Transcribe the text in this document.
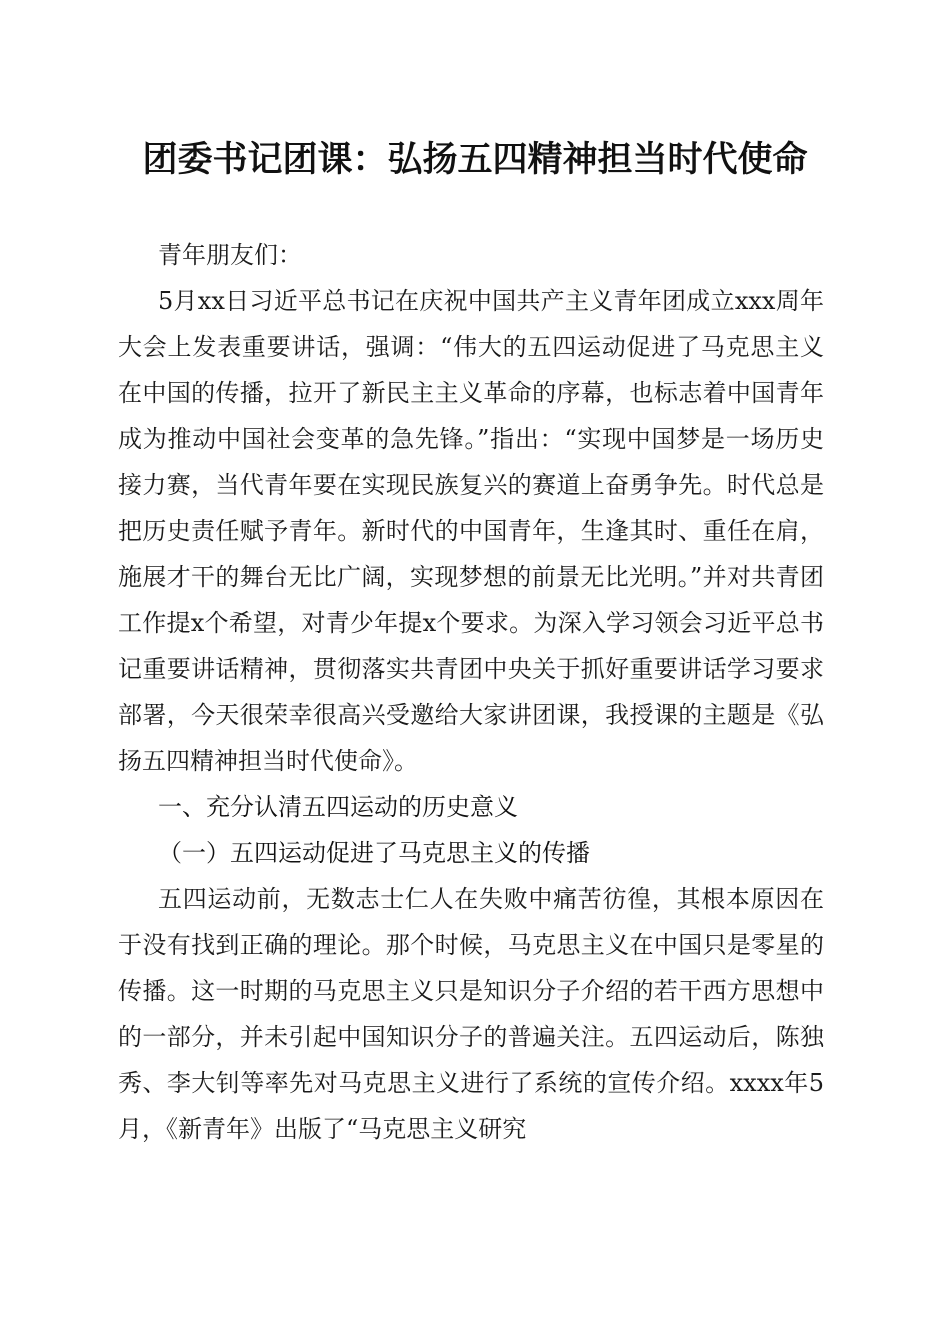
团委书记团课：弘扬五四精神担当时代使命

青年朋友们：

5月xx日习近平总书记在庆祝中国共产主义青年团成立xxx周年大会上发表重要讲话，强调：“伟大的五四运动促进了马克思主义在中国的传播，拉开了新民主主义革命的序幕，也标志着中国青年成为推动中国社会变革的急先锋。”指出：“实现中国梦是一场历史接力赛，当代青年要在实现民族复兴的赛道上奋勇争先。时代总是把历史责任赋予青年。新时代的中国青年，生逢其时、重任在肩，施展才干的舞台无比广阔，实现梦想的前景无比光明。”并对共青团工作提x个希望，对青少年提x个要求。为深入学习领会习近平总书记重要讲话精神，贯彻落实共青团中央关于抓好重要讲话学习要求部署，今天很荣幸很高兴受邀给大家讲团课，我授课的主题是《弘扬五四精神担当时代使命》。

一、充分认清五四运动的历史意义

（一）五四运动促进了马克思主义的传播

五四运动前，无数志士仁人在失败中痛苦彷徨，其根本原因在于没有找到正确的理论。那个时候，马克思主义在中国只是零星的传播。这一时期的马克思主义只是知识分子介绍的若干西方思想中的一部分，并未引起中国知识分子的普遍关注。五四运动后，陈独秀、李大钊等率先对马克思主义进行了系统的宣传介绍。xxxx年5月，《新青年》出版了“马克思主义研究
